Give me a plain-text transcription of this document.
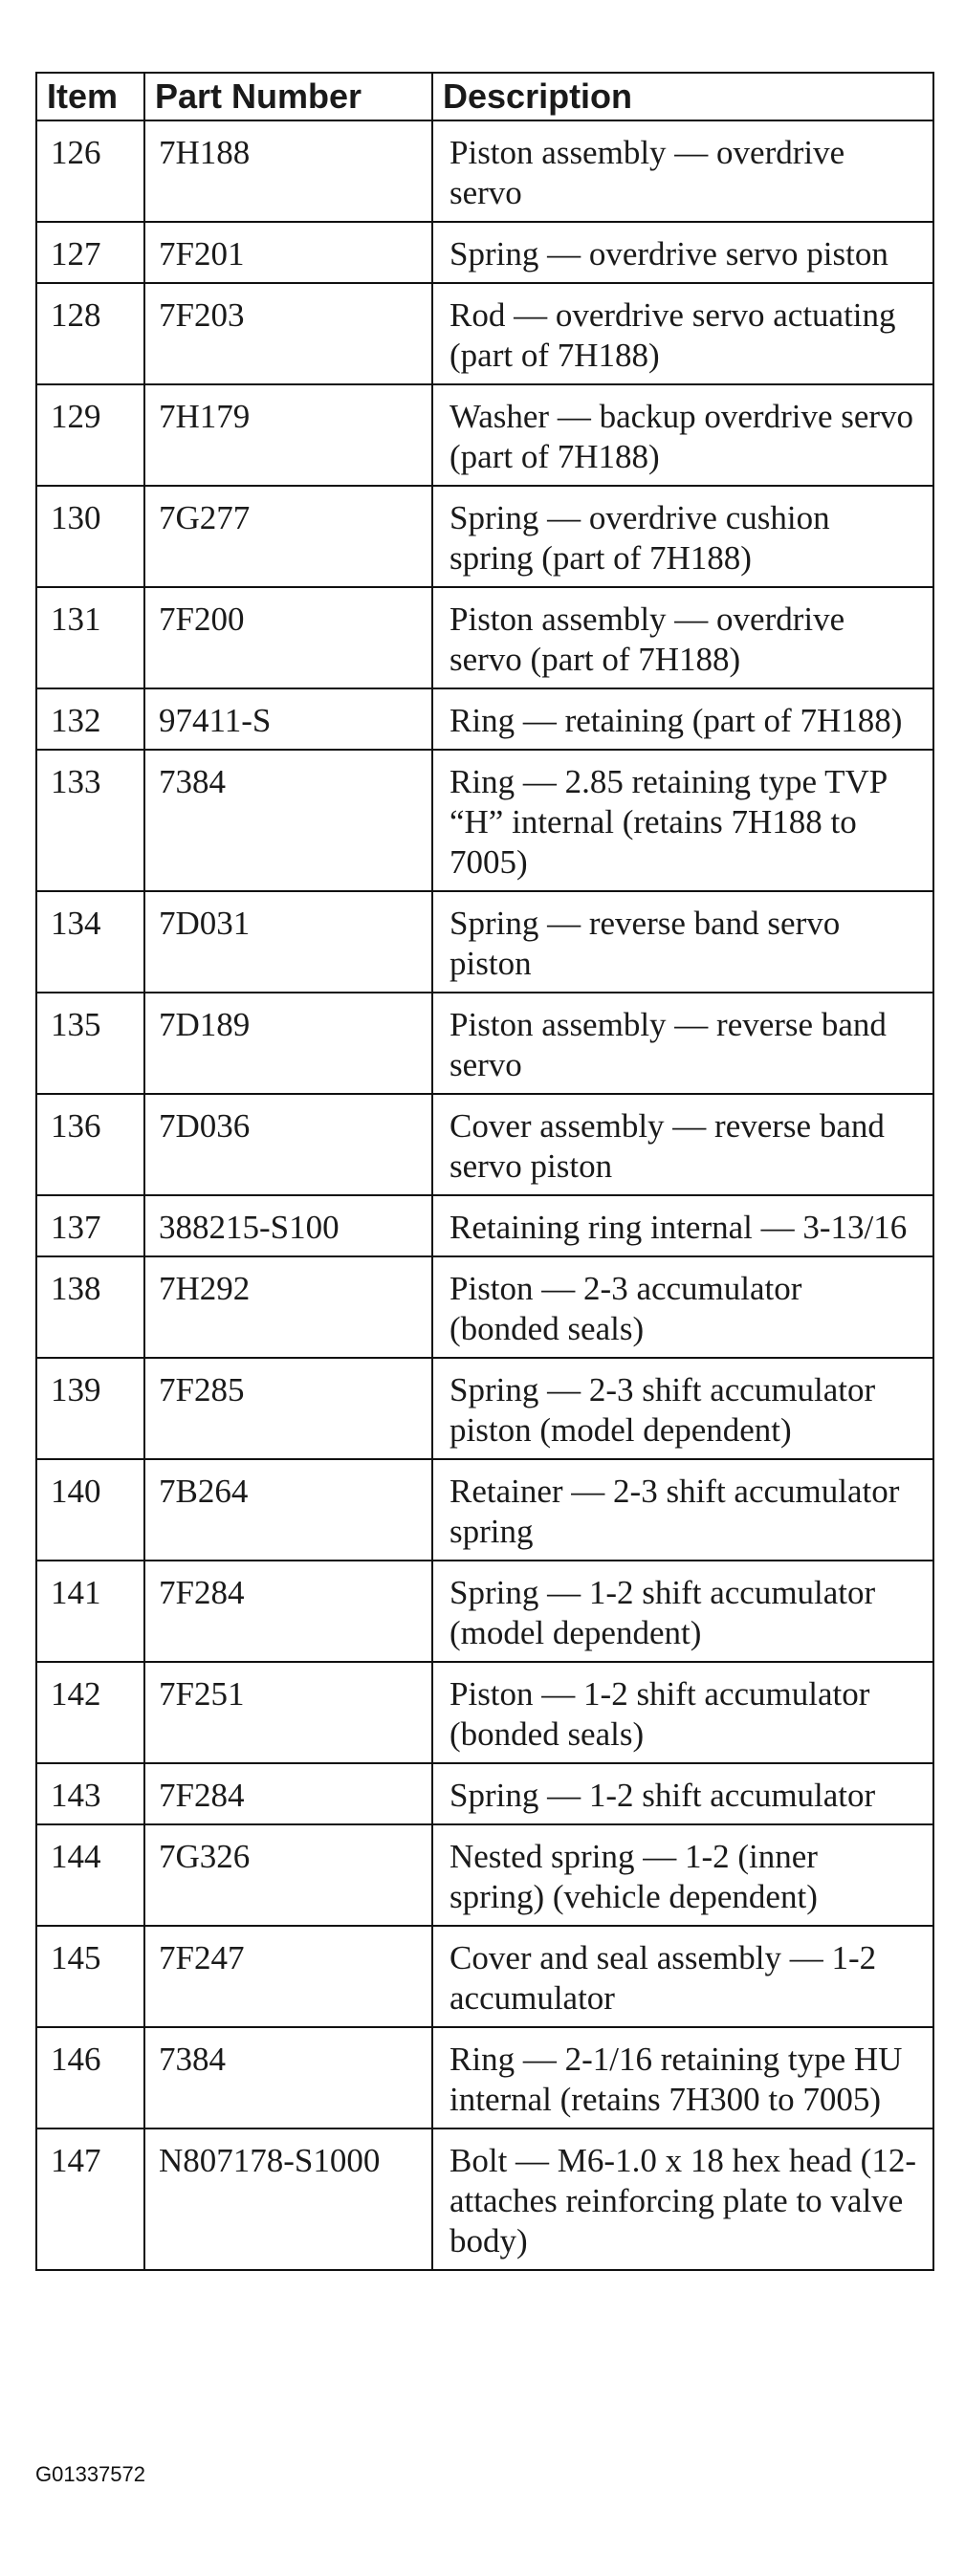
Item	Part Number	Description
126	7H188	Piston assembly — overdrive servo
127	7F201	Spring — overdrive servo piston
128	7F203	Rod — overdrive servo actuating (part of 7H188)
129	7H179	Washer — backup overdrive servo (part of 7H188)
130	7G277	Spring — overdrive cushion spring (part of 7H188)
131	7F200	Piston assembly — overdrive servo (part of 7H188)
132	97411-S	Ring — retaining (part of 7H188)
133	7384	Ring — 2.85 retaining type TVP “H” internal (retains 7H188 to 7005)
134	7D031	Spring — reverse band servo piston
135	7D189	Piston assembly — reverse band servo
136	7D036	Cover assembly — reverse band servo piston
137	388215-S100	Retaining ring internal — 3-13/16
138	7H292	Piston — 2-3 accumulator (bonded seals)
139	7F285	Spring — 2-3 shift accumulator piston (model dependent)
140	7B264	Retainer — 2-3 shift accumulator spring
141	7F284	Spring — 1-2 shift accumulator (model dependent)
142	7F251	Piston — 1-2 shift accumulator (bonded seals)
143	7F284	Spring — 1-2 shift accumulator
144	7G326	Nested spring — 1-2 (inner spring) (vehicle dependent)
145	7F247	Cover and seal assembly — 1-2 accumulator
146	7384	Ring — 2-1/16 retaining type HU internal (retains 7H300 to 7005)
147	N807178-S1000	Bolt — M6-1.0 x 18 hex head (12-attaches reinforcing plate to valve body)
G01337572
